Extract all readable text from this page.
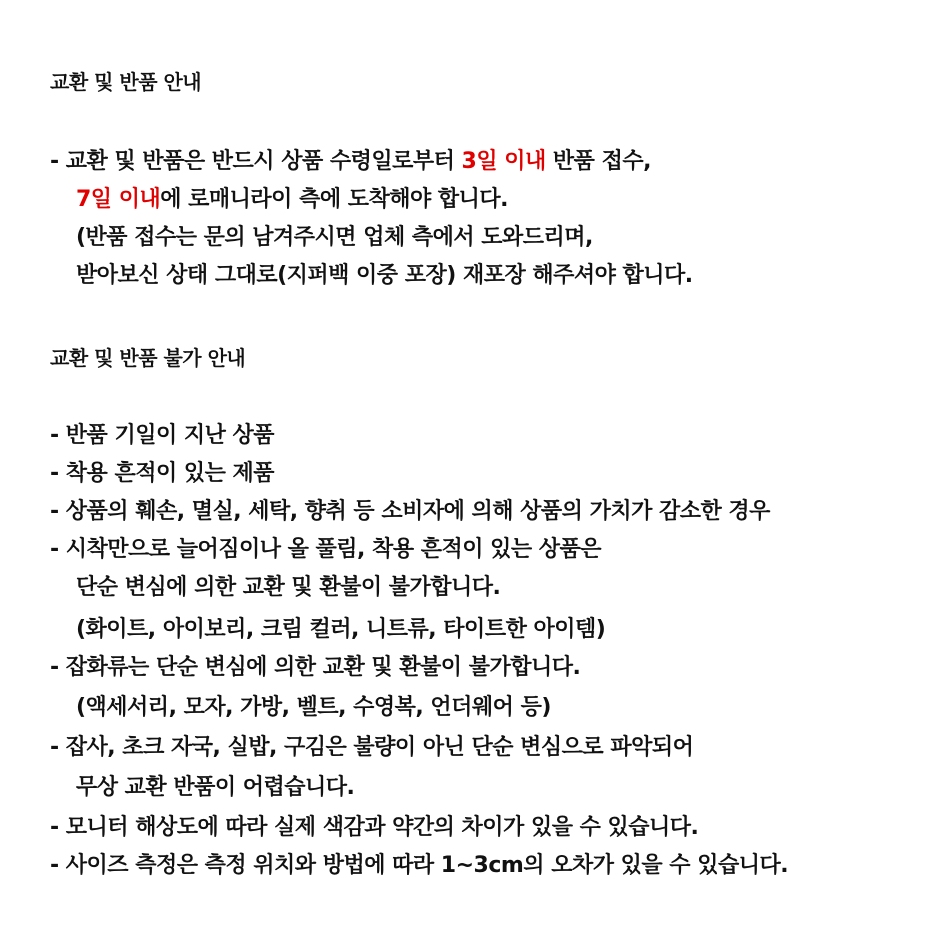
교환 및 반품 안내
- 교환 및 반품은 반드시 상품 수령일로부터 3일 이내 반품 접수,
7일 이내에 로매니라이 측에 도착해야 합니다.
(반품 접수는 문의 남겨주시면 업체 측에서 도와드리며,
받아보신 상태 그대로(지퍼백 이중 포장) 재포장 해주셔야 합니다.
교환 및 반품 불가 안내
- 반품 기일이 지난 상품
- 착용 흔적이 있는 제품
- 상품의 훼손, 멸실, 세탁, 향취 등 소비자에 의해 상품의 가치가 감소한 경우
- 시착만으로 늘어짐이나 올 풀림, 착용 흔적이 있는 상품은
단순 변심에 의한 교환 및 환불이 불가합니다.
(화이트, 아이보리, 크림 컬러, 니트류, 타이트한 아이템)
- 잡화류는 단순 변심에 의한 교환 및 환불이 불가합니다.
(액세서리, 모자, 가방, 벨트, 수영복, 언더웨어 등)
- 잡사, 초크 자국, 실밥, 구김은 불량이 아닌 단순 변심으로 파악되어
무상 교환 반품이 어렵습니다.
- 모니터 해상도에 따라 실제 색감과 약간의 차이가 있을 수 있습니다.
- 사이즈 측정은 측정 위치와 방법에 따라 1~3cm의 오차가 있을 수 있습니다.
